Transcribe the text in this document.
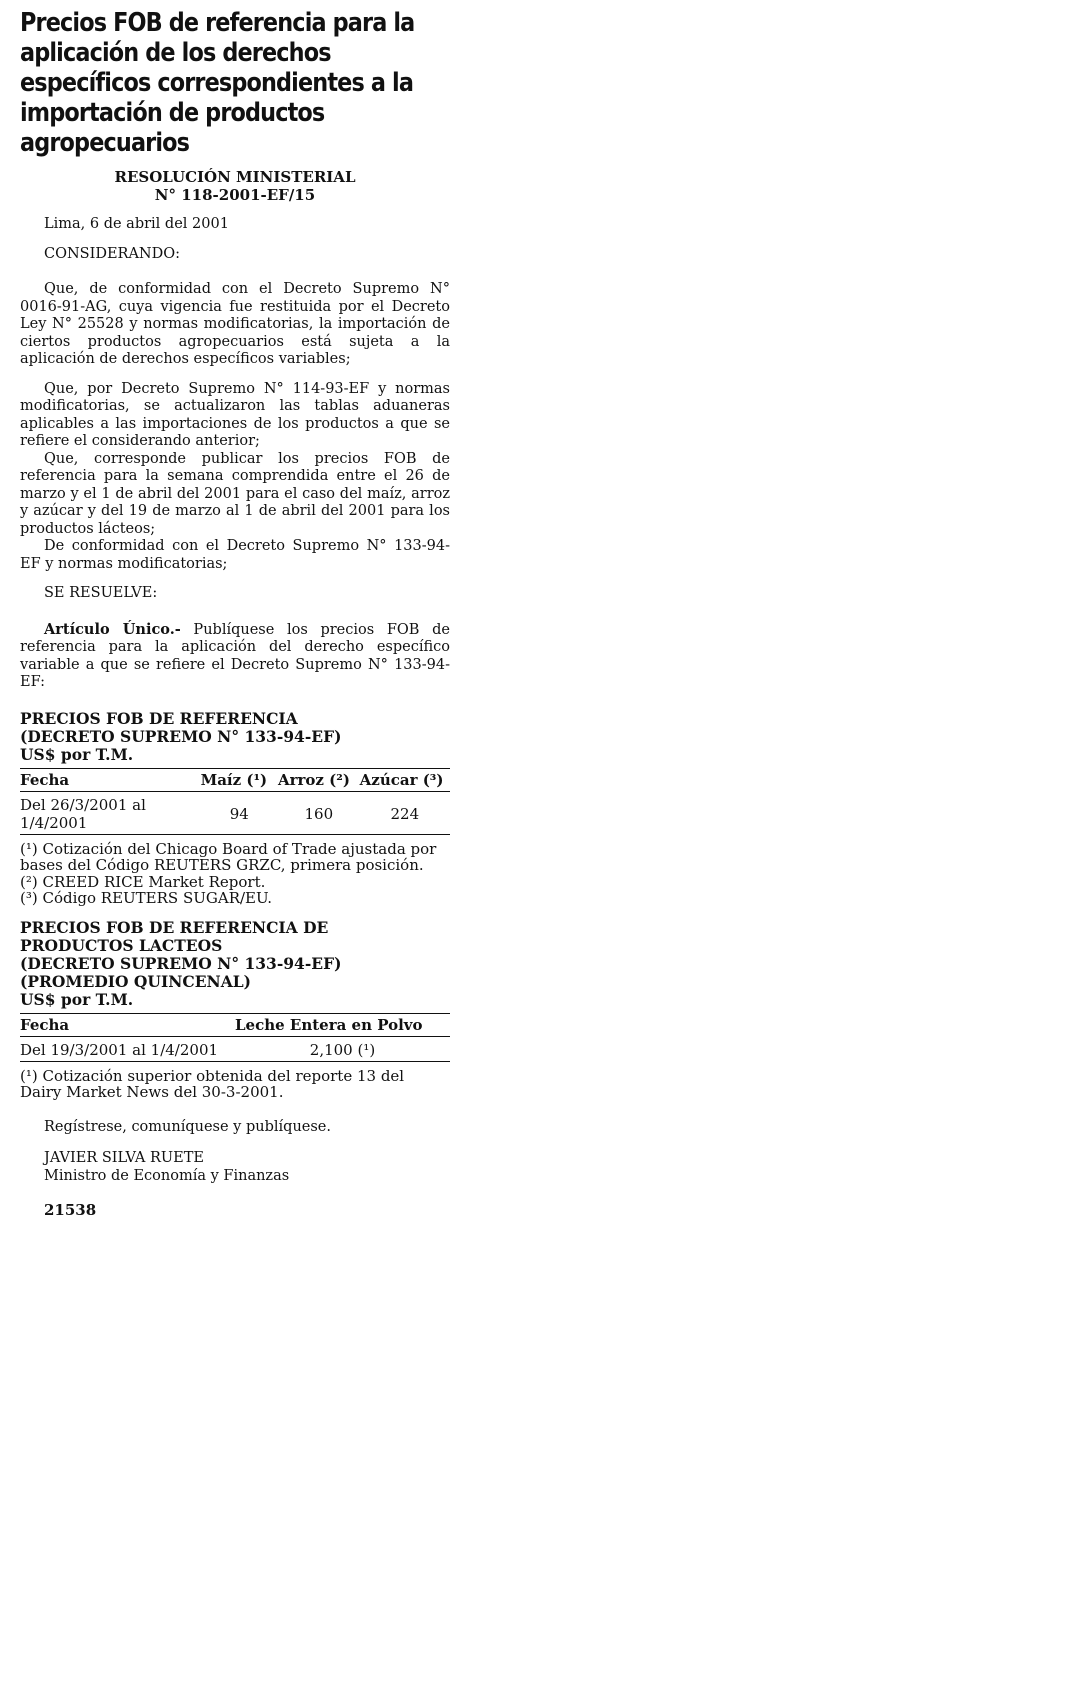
Precios FOB de referencia para la aplicación de los derechos específicos correspondientes a la importación de productos agropecuarios
RESOLUCIÓN MINISTERIAL
N° 118-2001-EF/15

Lima, 6 de abril del 2001

CONSIDERANDO:

Que, de conformidad con el Decreto Supremo N° 0016-91-AG, cuya vigencia fue restituida por el Decreto Ley N° 25528 y normas modificatorias, la importación de ciertos productos agropecuarios está sujeta a la aplicación de derechos específicos variables;

Que, por Decreto Supremo N° 114-93-EF y normas modificatorias, se actualizaron las tablas aduaneras aplicables a las importaciones de los productos a que se refiere el considerando anterior;

Que, corresponde publicar los precios FOB de referencia para la semana comprendida entre el 26 de marzo y el 1 de abril del 2001 para el caso del maíz, arroz y azúcar y del 19 de marzo al 1 de abril del 2001 para los productos lácteos;

De conformidad con el Decreto Supremo N° 133-94-EF y normas modificatorias;

SE RESUELVE:

Artículo Único.- Publíquese los precios FOB de referencia para la aplicación del derecho específico variable a que se refiere el Decreto Supremo N° 133-94-EF:

PRECIOS FOB DE REFERENCIA
(DECRETO SUPREMO N° 133-94-EF)
US$ por T.M.
Fecha	Maíz (¹)	Arroz (²)	Azúcar (³)
Del 26/3/2001 al 1/4/2001	94	160	224

(¹) Cotización del Chicago Board of Trade ajustada por bases del Código REUTERS GRZC, primera posición.

(²) CREED RICE Market Report.

(³) Código REUTERS SUGAR/EU.

PRECIOS FOB DE REFERENCIA DE
PRODUCTOS LACTEOS
(DECRETO SUPREMO N° 133-94-EF)
(PROMEDIO QUINCENAL)
US$ por T.M.
Fecha	Leche Entera en Polvo
Del 19/3/2001 al 1/4/2001	2,100 (¹)

(¹) Cotización superior obtenida del reporte 13 del Dairy Market News del 30-3-2001.

Regístrese, comuníquese y publíquese.

JAVIER SILVA RUETE
Ministro de Economía y Finanzas
21538
